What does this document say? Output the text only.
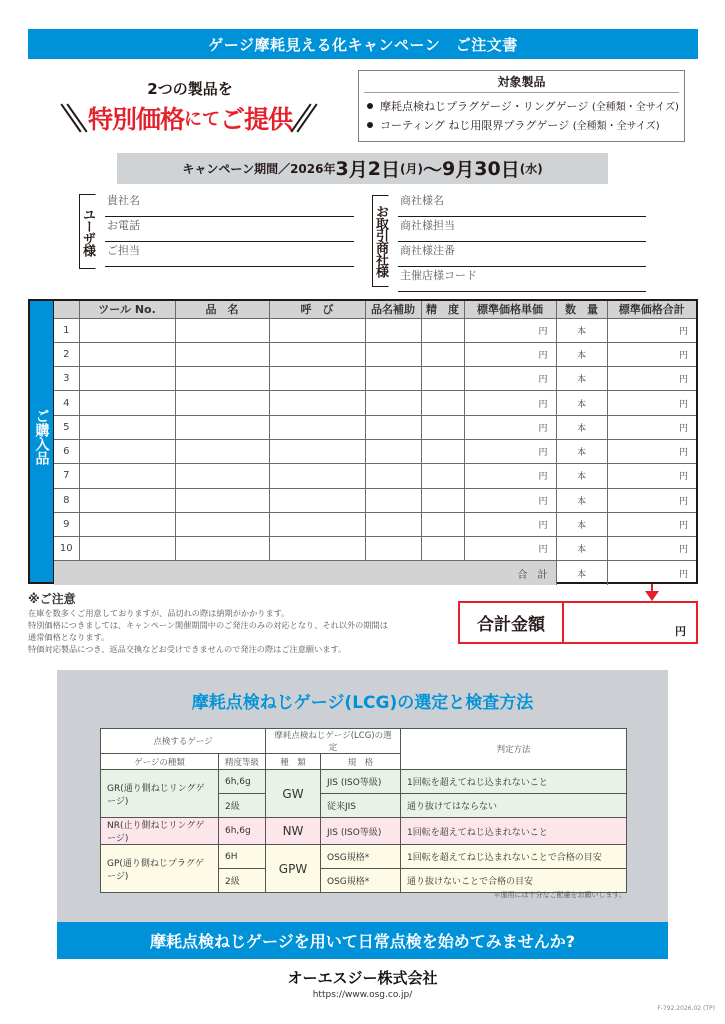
ゲージ摩耗見える化キャンペーン　ご注文書
2つの製品を
特別価格 にて ご提供
対象製品
摩耗点検ねじプラグゲージ・リングゲージ (全種類・全サイズ)
コーティング ねじ用限界プラグゲージ (全種類・全サイズ)
キャンペーン期間／2026年 3 月 2 日 (月) ～ 9 月 30 日 (水)
ユーザ様
貴社名
お電話
ご担当	お取引商社様
商社様名
商社様担当
商社様注番
主催店様コード
ご購入品
	ツール No.	品　名	呼　び	品名補助	精　度	標準価格単価	数　量	標準価格合計
1						円	本	円
2						円	本	円
3						円	本	円
4						円	本	円
5						円	本	円
6						円	本	円
7						円	本	円
8						円	本	円
9						円	本	円
10						円	本	円
合　計							本	円
※ご注意

在庫を数多くご用意しておりますが、品切れの際は納期がかかります。

特別価格につきましては、キャンペーン開催期間中のご発注のみの対応となり、それ以外の期間は

通常価格となります。

特価対応製品につき、返品交換などお受けできませんので発注の際はご注意願います。

合計金額	円
摩耗点検ねじゲージ(LCG)の選定と検査方法
点検するゲージ		摩耗点検ねじゲージ(LCG)の選定		判定方法
ゲージの種類	精度等級	種　類	規　格	
GR(通り側ねじリングゲージ)	6h,6g	GW	JIS (ISO等級)	1回転を超えてねじ込まれないこと
	2級		従来JIS	通り抜けてはならない
NR(止り側ねじリングゲージ)	6h,6g	NW	JIS (ISO等級)	1回転を超えてねじ込まれないこと
GP(通り側ねじプラグゲージ)	6H	GPW	OSG規格*	1回転を超えてねじ込まれないことで合格の目安
	2級		OSG規格*	通り抜けないことで合格の目安
＊運用には十分なご配慮をお願いします。
摩耗点検ねじゲージを用いて日常点検を始めてみませんか?
オーエスジー株式会社
https://www.osg.co.jp/
F-792.2026.02 (TP)
